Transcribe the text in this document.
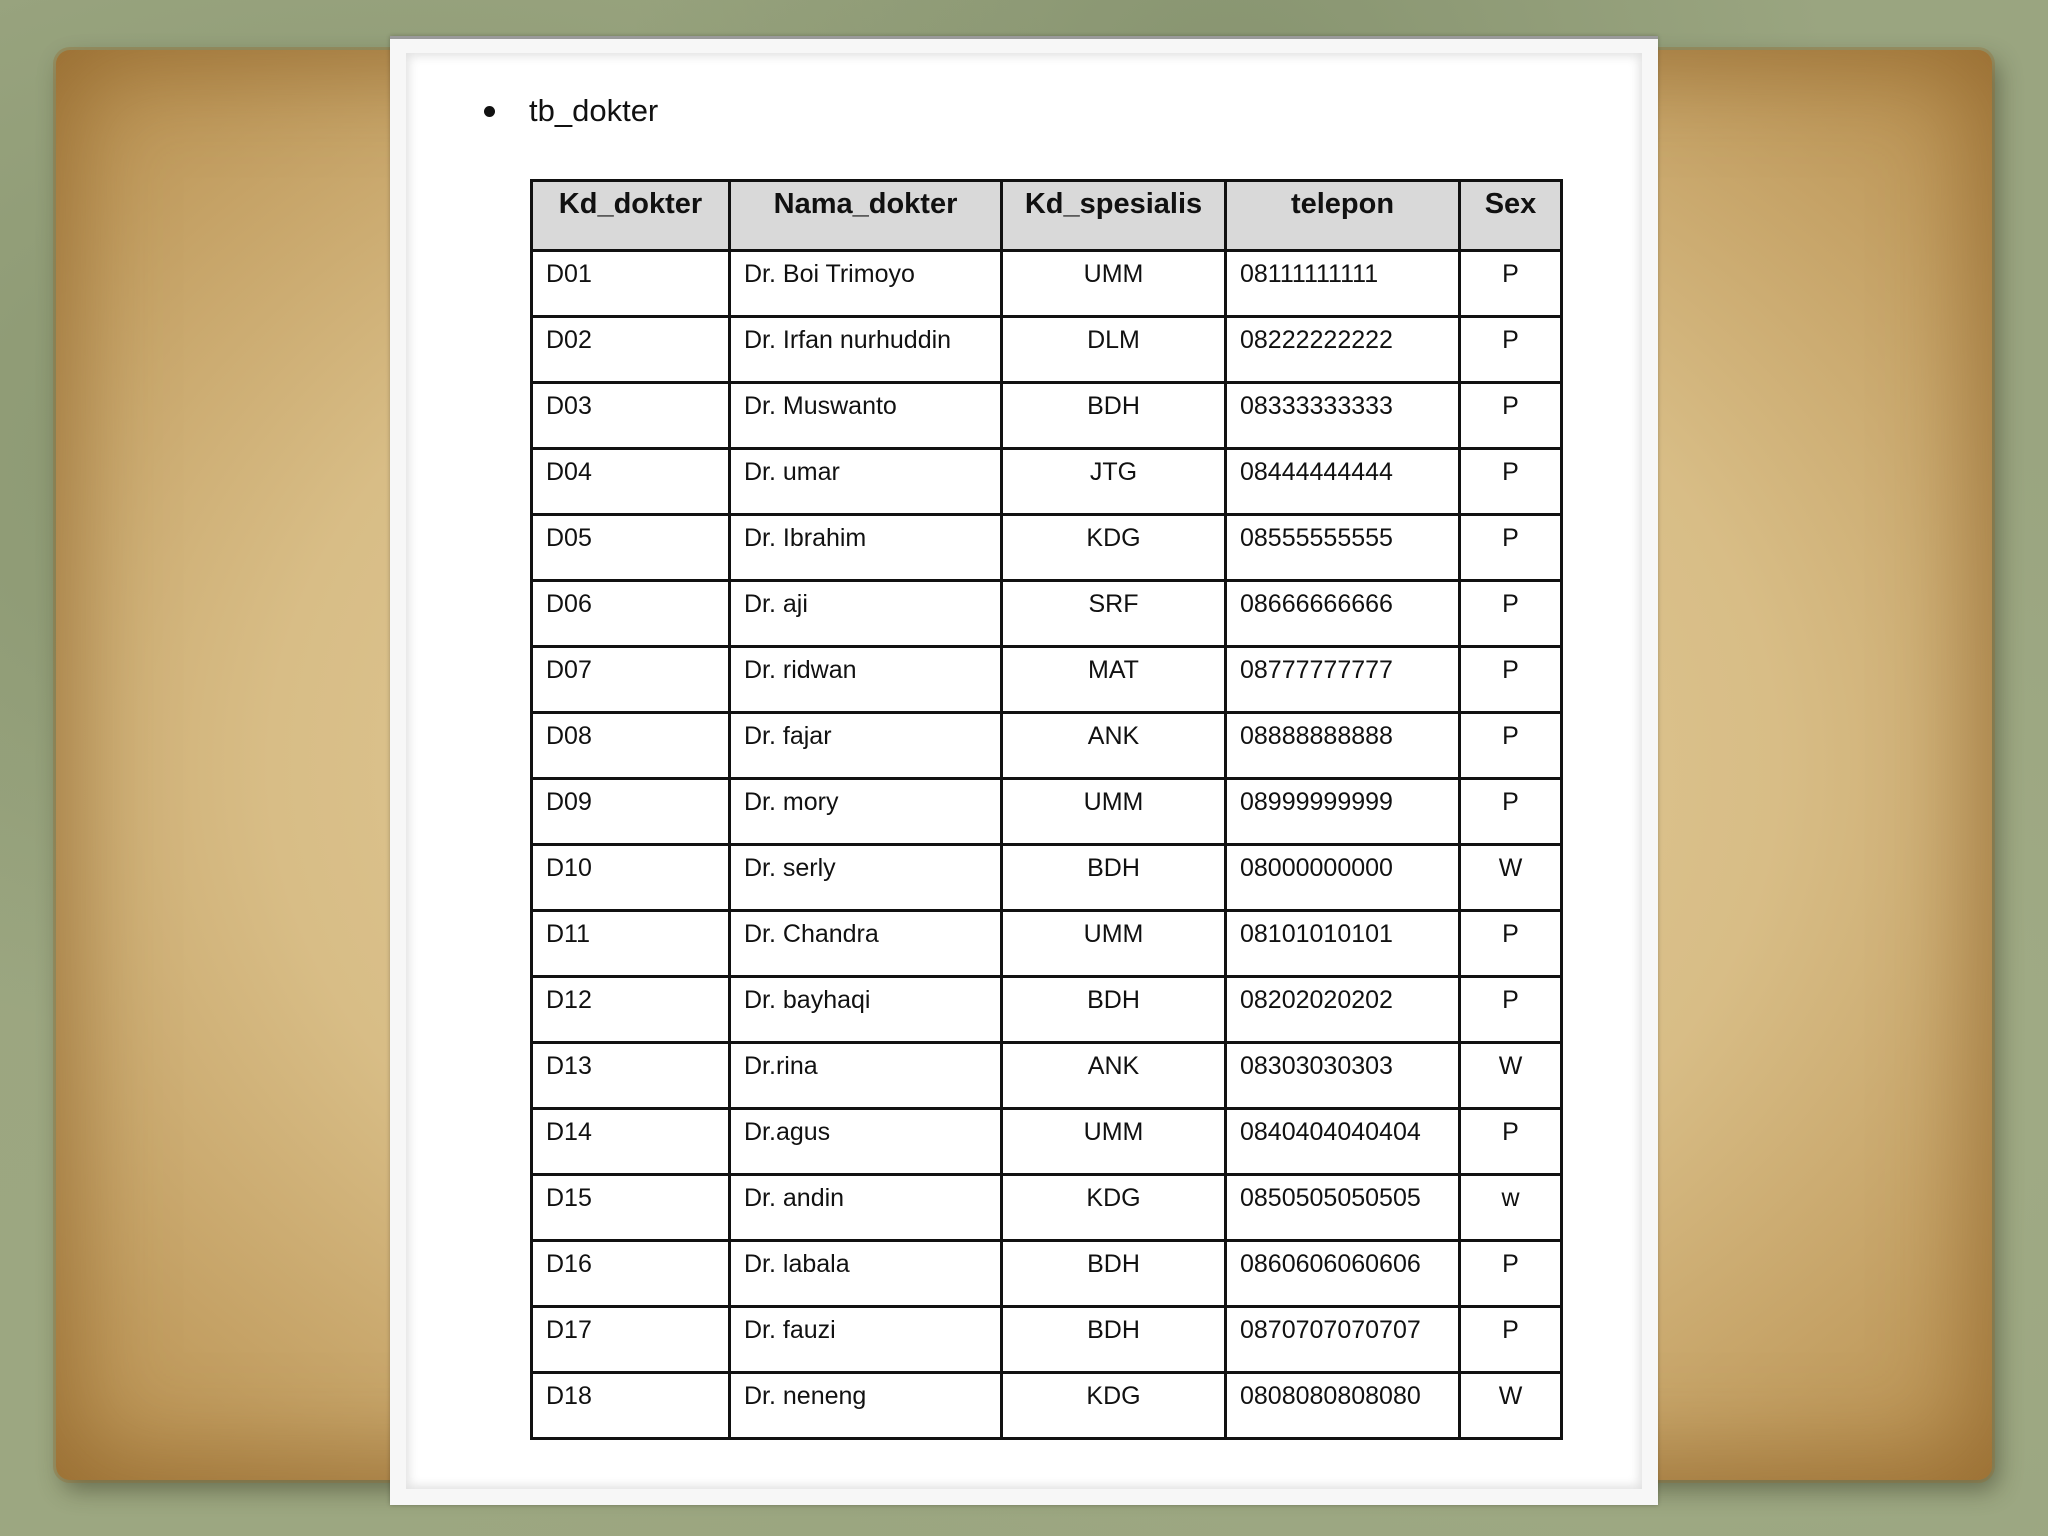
tb_dokter
Kd_dokter	Nama_dokter	Kd_spesialis	telepon	Sex
D01	Dr. Boi Trimoyo	UMM	08111111111	P
D02	Dr. Irfan nurhuddin	DLM	08222222222	P
D03	Dr. Muswanto	BDH	08333333333	P
D04	Dr. umar	JTG	08444444444	P
D05	Dr. Ibrahim	KDG	08555555555	P
D06	Dr. aji	SRF	08666666666	P
D07	Dr. ridwan	MAT	08777777777	P
D08	Dr. fajar	ANK	08888888888	P
D09	Dr. mory	UMM	08999999999	P
D10	Dr. serly	BDH	08000000000	W
D11	Dr. Chandra	UMM	08101010101	P
D12	Dr. bayhaqi	BDH	08202020202	P
D13	Dr.rina	ANK	08303030303	W
D14	Dr.agus	UMM	0840404040404	P
D15	Dr. andin	KDG	0850505050505	w
D16	Dr. labala	BDH	0860606060606	P
D17	Dr. fauzi	BDH	0870707070707	P
D18	Dr. neneng	KDG	0808080808080	W
